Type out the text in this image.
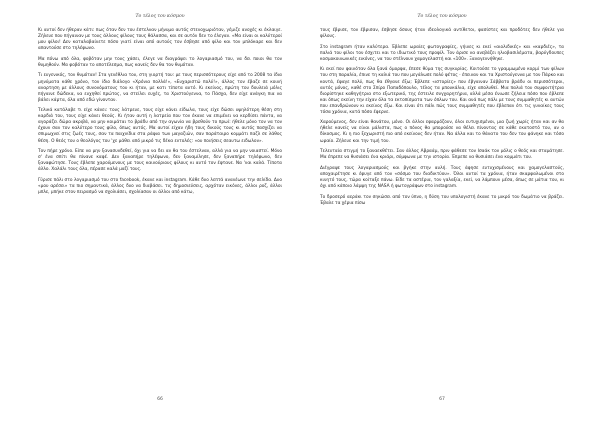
Το τέλος του κόσμου

Κι αυτοί δεν ήθεραν κάτι: πως όταν δεν του έστελναν μήνυμα αυτός στενοχωριόταν, γέμιζε ανοχές κι έκλαιγε. Ζήλευε που πήγαιναν με τους άλλους φίλους τους θάλασσα, και σε αυτόν δεν το έλεγαν. «Μα είναι οι καλύτεροί μου φίλοι! Δεν καταλαβαίνετε πόσο γιατί είναι από αυτούς τον έσβησε από φίλο και τον μπλόκαρε και δεν απαντούσε στο τηλέφωνο.

Μα πόνω από όλα, φοβόταν μην τους χάσει, έλεγε να διαγράψει το λογαριασμό του, να δει ποιοι θα τον θυμηθούν. Μα φοβόταν το αποτέλεσμα, πως κανείς δεν θα τον θυμόταν.

Τι ευγενικός, τον θυμόταν! Στα γενέθλια του, στη γιορτή του: με τους περισσότερους είχε από το 2008 τα ίδια μηνύματα κάθε χρόνο, τον ίδιο διάλογο «Χρόνια πολλά!», «Ευχαριστώ πολύ!», άλλος τον έβαζε σε κοινή αναρτηση με άλλους συνονόματους του κι ήταν, με κατι τίποτα αυτό. Κι εκείνος, πρώτη του δουλειά μόλις πήγαινε δώδεκα, να ευχηθεί πρώτος, να στείλει ευχές, τα Χριστούγεννα, το Πάσχα, δεν είχε ανάγκη πια να βάλει κάρτα, όλα από εδώ γίνονταν.

Τελικά κατάλαβε τι είχε κάνει: τους λάτρευε, τους είχε κάνει είδωλα, τους είχε δώσει υψηλότερη θέση στη καρδιά του, τους είχε κάνει θεούς. Κι ήταν αυτή η λατρεία που τον έκανε να επιμένει να κερδίσει πάντα, να αγοράζει δώρα ακριβά, να μην κοιμάται το βράδυ από την αγωνία να βρεθούν το πρωί: ήθελε μόνο τον να τον έχουν σαν τον καλύτερο τους φίλο, όπως αυτός. Μα αυτοί είχαν ήδη τους δικούς τους κι αυτός πασχίζει να σπιμωχνεί στις ζωές τους, σαν τα παιχνίδια στα ράφια των μαγαζιών, σαν παράταιρο κομμάτι παζλ σε λάθος θέση. Ο θεός του ο θεολόγος του 'χε μάθει από μικρό τις δέκα εντολές: «ου ποιήσεις σεαυτω ειδωλον».

Τον πήρε χρόνο. Είπε να μην ξανασυνδεθεί, όχι για να δει αν θα του έστελναν, αλλά για να μην νοιαστεί. Μόνο σ' ένα σπίτι θα πίνανε καφέ. Δεν ξαναπήρε τηλέφωνο, δεν ξαναμίλησε, δεν ξαναπήρε τηλέφωνο, δεν ξαναφώτησε. Τους έβλεπε χαρούμενους με τους καινούριους φίλους κι αυτό τον έφτανε. Να 'ναι καλά. Τίποτα άλλο. Χαλάλι τους όλα, πέρασε καλά μαζί τους.

Γύρισε πάλι στο λογαριασμό του στο facebook, έκανε και instagram. Κάθε δυο λεπτά ανανέωνε την σελίδα. Δυο «μου αρέσει» τα πιο σημαντικά, άλλος δυο να διαβάσει. τις δημοσιεύσεις, αρχόταν εικόνες, άλλοι ροζ, άλλοι μπλε, μπήκε στον πειρασμό να σχολιάσει, σχολίασαν οι άλλοι από κάτω,

66
Το τέλος του κόσμου

τους έβρισε, τον έβρισαν, έσβησε όσους ήταν ιδεολογικά αντίθετοι, φασίστες και προδότες δεν ήθελε για φίλους.

Στο instagram ήταν καλύτερα. Έβλεπε ωραίες φωτογραφίες, γήινες κι εκεί «αιολιδικές» και «καρδιές», τα παλιά του φίλοι τον έσχιτει και το ιδιωτικό τους προφίλ. Τον άρισε να ανεβάζει ηλιοβασιλέματα, βαρύγδουπες κοσμοκοινωνικές εικόνες, να του στέλνουν χαμογελαστή και «100». Ξαναγεννήθηκε.

Κι εκεί που φαινόταν όλα ξανά όμορφα, έπεσε θύμα της συγκυρίας. Κοιτούσε το γραμμωμένο κορμί των φίλων του στη παραλία, έπινε τη καλιά του που μεγάλωσε πολύ φέτος · έπειναν και τα Χριστούγεννα με τον Πάρκο και κοντά, έφαγε πολύ, πως θα έθγανε έξω; Έβλεπε «ιστορίες» που έβγαιναν Σάββατο βράδυ οι περισσότεροι, αυτός μόνος, καθέ στο Σπίρο Παπαδόπουλο, τέλος τα μπουκάλια, είχε απολυθεί. Μια παλιά του συμφοιτήτρια διορίστηκε καθηγήτρια στο εξωτερικό, της έστειλε συγχαρητήρια, αλλά μέσα ένιωσε ζήλεια πόσο που έβλεπε και όπως εκείνη την είχαν όλα τα εκτοπίσματα των όπλων του. Και ανά πως πάλι με τους συμμαθητές κι αυτών που επανδρώνουν κι εκείνος έξω. Και είναι ότι πάλι πώς τους συμμαθητές που έβλεπαν ότι τις γυναίκες τους τόσα χρόνια, κατά πόσο έφερνε.

Χαρούμενος, δεν είναι θανάτου, μόνο. Οι άλλοι εφαρμόζουν, όλοι ευτυχισμένοι, μια ζωή χωρίς ήταν και αν θα ήθελε κανείς να είναι μάλιστα, πως ο πόνος θα μπορούσε να θέλει πίνοντας σε κάθε εκατοστό του, αν ο δίκοσμος. Κι η πιο ξεχωριστή πιο από εκείνους δεν ήταν. Να άλλα και το θάνατο του δεν του φάνηκε και τόσο ωραίο. Ζήλευε και την τιμή του.

Τελευταία στιγμή το ξαναεκθέτει. Σαν άλλος Αβραάμ, πριν φάθεσε τον Ισαάκ τον μόλις ο θεός και σταμάτησε. Μα έπρεπε να θυσιάσει ένα κριάρι, σύμφωνα με την ιστορία. Έπρεπε να θυσιάσει ένα κομμάτι του.

Διέγραψε τους λογαριασμούς και βγήκε στην αυλή. Τους άφησε ευτυχισμένους και χαμογελαστούς, αποχαιρέτησε κι έφυγε από τον «σόσμο του διαδικτύου». Όλοι αυτοί τα χρόνια, ήταν σκαρφαλωμένοι στο κινητό τους, τώρα κοίταξε πάνω. Είδε τα αστέρια, τον γαλαξία, εκεί, να λάμπουν μέσα, όπως σε μάτια του, κι όχι από κάποιο λάμψη της NASA ή φωτογράφων στο instagram.

Το δροσερό αεράκι τον σηκώσει από τον ύπνο, η δύση του υπολογιστή έκανε το μικρό του δωμάτιο να βράζει. Έβαλε τα χέρια πίσω

67
